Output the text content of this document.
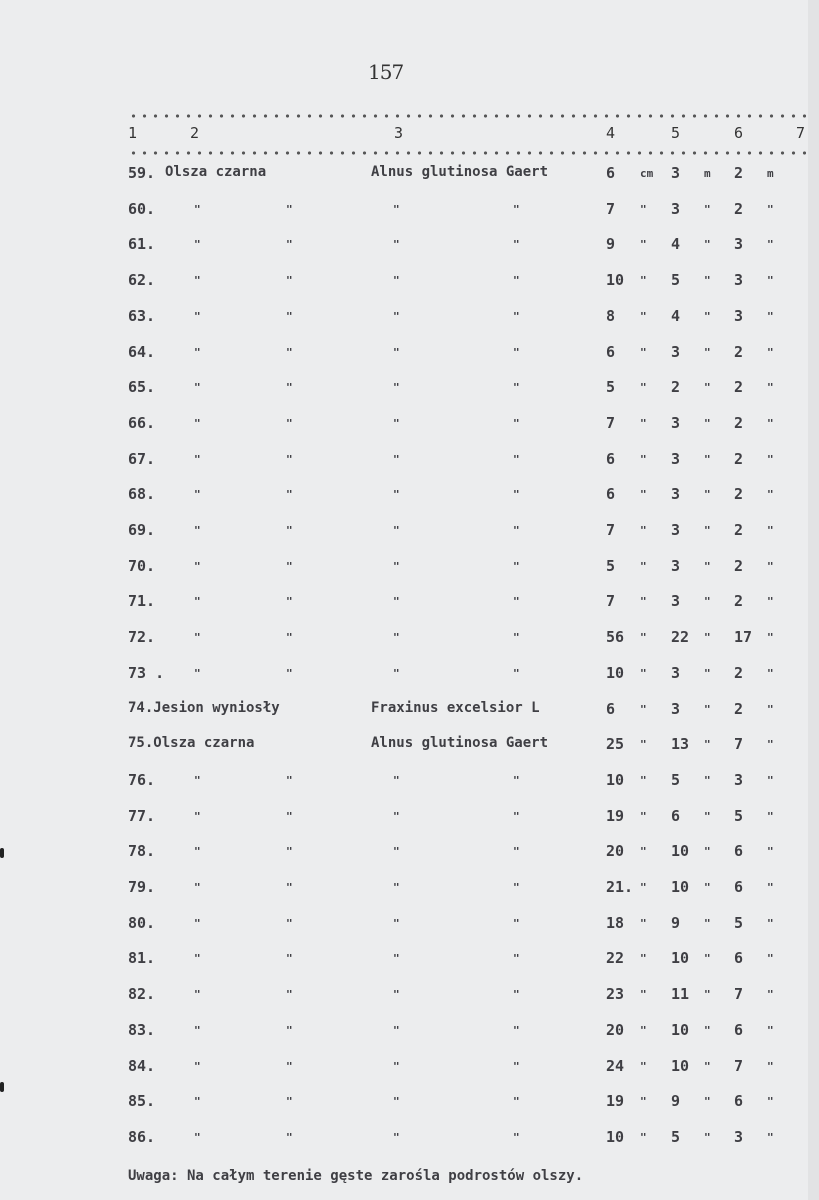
157
1	2	3	4	5	6	7
59. Olsza czarna	Alnus glutinosa Gaert	6 cm 3 m 2 m
60.	"	"	"	"	7 " 3 " 2 "
61.	"	"	"	"	9 " 4 " 3 "
62.	"	"	"	"	10 " 5 " 3 "
63.	"	"	"	"	8 " 4 " 3 "
64.	"	"	"	"	6 " 3 " 2 "
65.	"	"	"	"	5 " 2 " 2 "
66.	"	"	"	"	7 " 3 " 2 "
67.	"	"	"	"	6 " 3 " 2 "
68.	"	"	"	"	6 " 3 " 2 "
69.	"	"	"	"	7 " 3 " 2 "
70.	"	"	"	"	5 " 3 " 2 "
71.	"	"	"	"	7 " 3 " 2 "
72.	"	"	"	"	56 " 22 " 17 "
73 .	"	"	"	"	10 " 3 " 2 "
74.Jesion wyniosły	Fraxinus excelsior L	6 " 3 " 2 "
75.Olsza czarna	Alnus glutinosa Gaert	25 " 13 " 7 "
76.	"	"	"	"	10 " 5 " 3 "
77.	"	"	"	"	19 " 6 " 5 "
78.	"	"	"	"	20 " 10 " 6 "
79.	"	"	"	"	21. " 10 " 6 "
80.	"	"	"	"	18 " 9 " 5 "
81.	"	"	"	"	22 " 10 " 6 "
82.	"	"	"	"	23 " 11 " 7 "
83.	"	"	"	"	20 " 10 " 6 "
84.	"	"	"	"	24 " 10 " 7 "
85.	"	"	"	"	19 " 9 " 6 "
86.	"	"	"	"	10 " 5 " 3 "
Uwaga: Na całym terenie gęste zarośla podrostów olszy.
